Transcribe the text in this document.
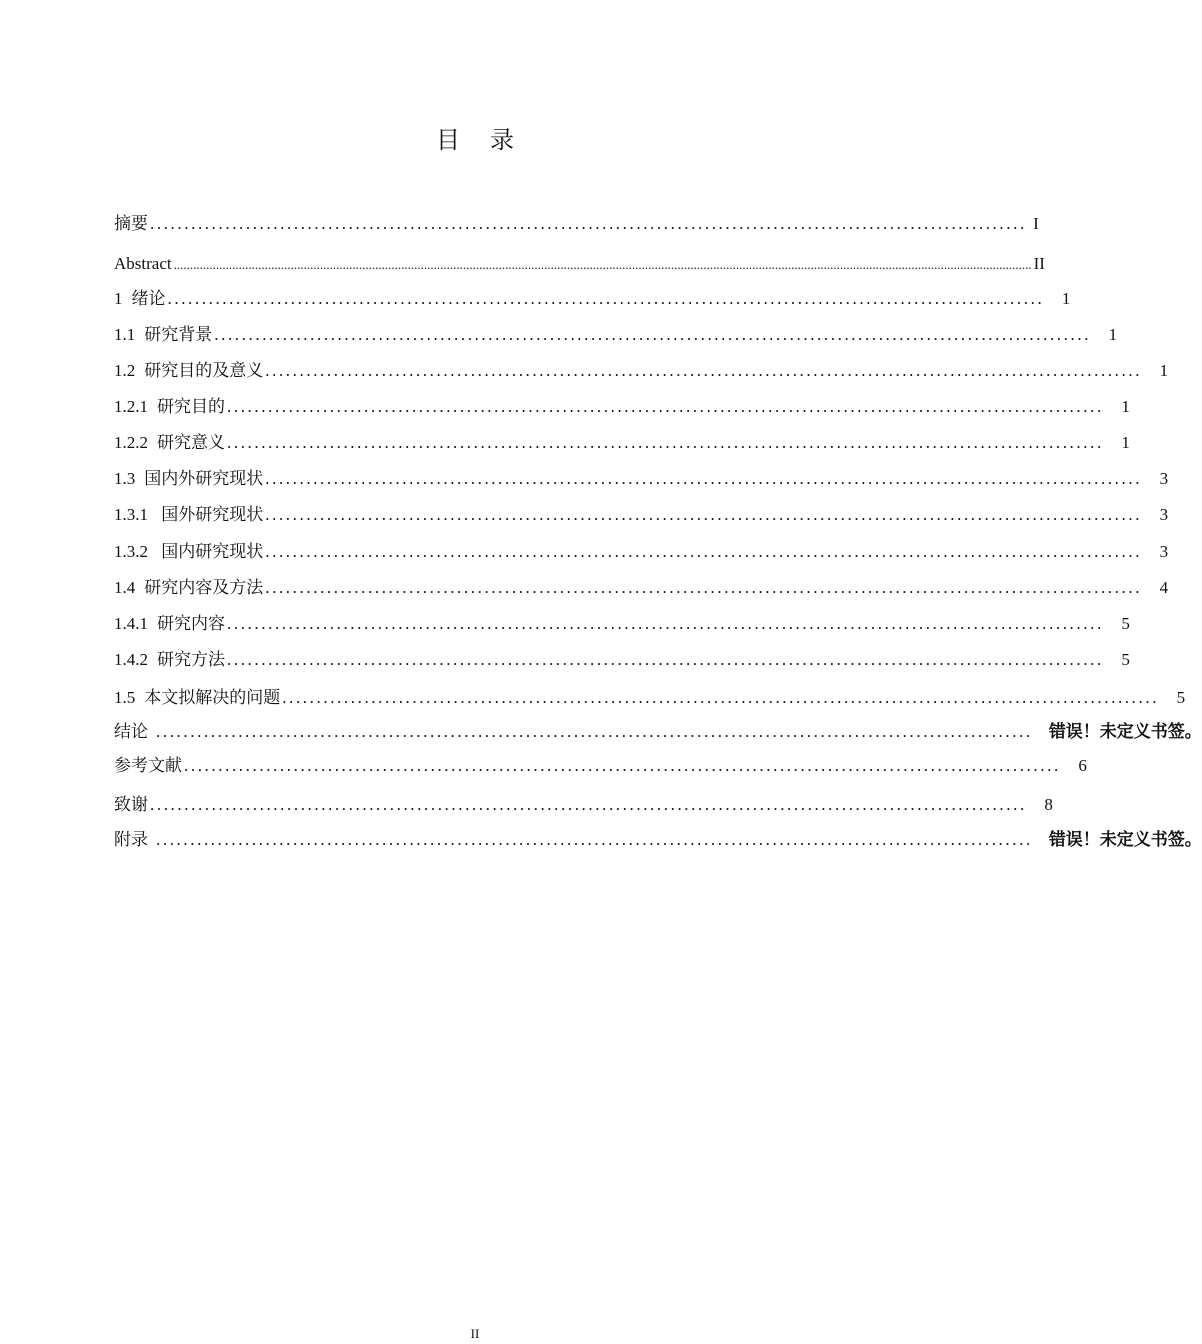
目 录
摘要 ................................................................................................................................ I
Abstract ........................................................................................................................................................................................................................................................................ II
1 绪论 ................................................................................................................................ 1
1.1 研究背景 ................................................................................................................................ 1
1.2 研究目的及意义 ................................................................................................................................ 1
1.2.1 研究目的 ................................................................................................................................ 1
1.2.2 研究意义 ................................................................................................................................ 1
1.3 国内外研究现状 ................................................................................................................................ 3
1.3.1 国外研究现状 ................................................................................................................................ 3
1.3.2 国内研究现状 ................................................................................................................................ 3
1.4 研究内容及方法 ................................................................................................................................ 4
1.4.1 研究内容 ................................................................................................................................ 5
1.4.2 研究方法 ................................................................................................................................ 5
1.5 本文拟解决的问题 ................................................................................................................................ 5
结论 ................................................................................................................................ 错误！未定义书签。
参考文献 ................................................................................................................................ 6
致谢 ................................................................................................................................ 8
附录 ................................................................................................................................ 错误！未定义书签。
II
